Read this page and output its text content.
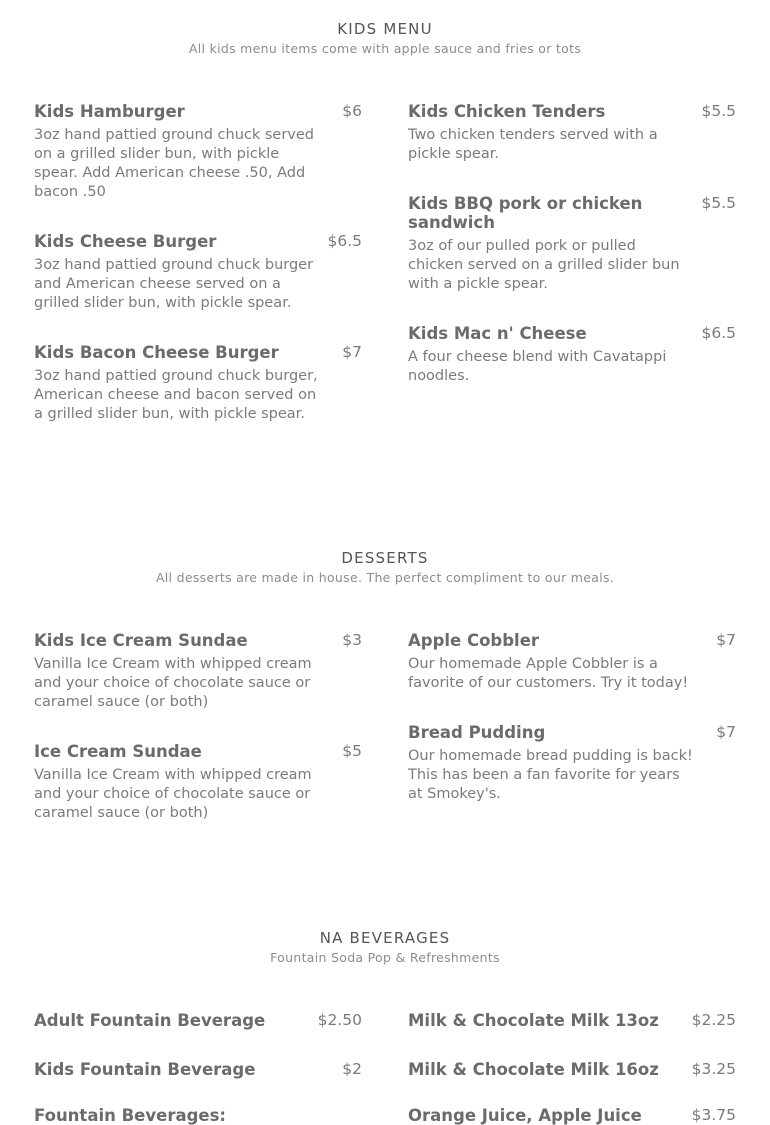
KIDS MENU
All kids menu items come with apple sauce and fries or tots
Kids Hamburger	$6
3oz hand pattied ground chuck served on a grilled slider bun, with pickle spear. Add American cheese .50, Add bacon .50
Kids Cheese Burger	$6.5
3oz hand pattied ground chuck burger and American cheese served on a grilled slider bun, with pickle spear.
Kids Bacon Cheese Burger	$7
3oz hand pattied ground chuck burger, American cheese and bacon served on a grilled slider bun, with pickle spear.
Kids Chicken Tenders	$5.5
Two chicken tenders served with a pickle spear.
Kids BBQ pork or chicken sandwich
$5.5
3oz of our pulled pork or pulled chicken served on a grilled slider bun with a pickle spear.
Kids Mac n' Cheese	$6.5
A four cheese blend with Cavatappi noodles.
DESSERTS
All desserts are made in house. The perfect compliment to our meals.
Kids Ice Cream Sundae	$3
Vanilla Ice Cream with whipped cream and your choice of chocolate sauce or caramel sauce (or both)
Ice Cream Sundae	$5
Vanilla Ice Cream with whipped cream and your choice of chocolate sauce or caramel sauce (or both)
Apple Cobbler	$7
Our homemade Apple Cobbler is a favorite of our customers. Try it today!
Bread Pudding	$7
Our homemade bread pudding is back! This has been a fan favorite for years at Smokey's.
NA BEVERAGES
Fountain Soda Pop & Refreshments
Adult Fountain Beverage	$2.50
Kids Fountain Beverage	$2
Fountain Beverages:
Milk & Chocolate Milk 13oz	$2.25
Milk & Chocolate Milk 16oz	$3.25
Orange Juice, Apple Juice	$3.75
